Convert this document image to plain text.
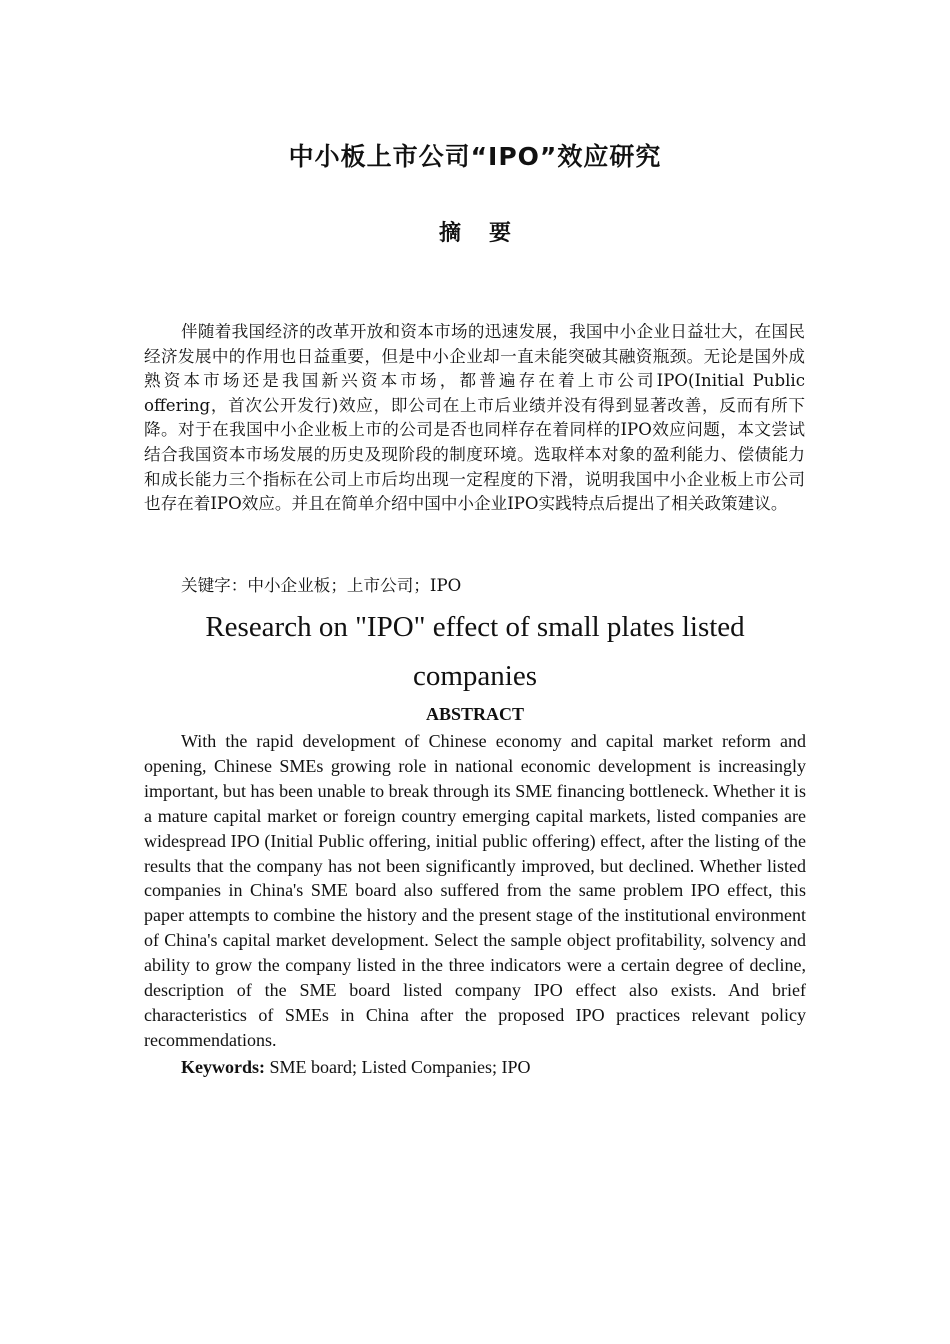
中小板上市公司“IPO”效应研究
摘 要

伴随着我国经济的改革开放和资本市场的迅速发展，我国中小企业日益壮大，在国民经济发展中的作用也日益重要，但是中小企业却一直未能突破其融资瓶颈。无论是国外成熟资本市场还是我国新兴资本市场，都普遍存在着上市公司IPO(Initial Public offering，首次公开发行)效应，即公司在上市后业绩并没有得到显著改善，反而有所下降。对于在我国中小企业板上市的公司是否也同样存在着同样的IPO效应问题，本文尝试结合我国资本市场发展的历史及现阶段的制度环境。选取样本对象的盈利能力、偿债能力和成长能力三个指标在公司上市后均出现一定程度的下滑，说明我国中小企业板上市公司也存在着IPO效应。并且在简单介绍中国中小企业IPO实践特点后提出了相关政策建议。

关键字：中小企业板；上市公司；IPO

Research on "IPO" effect of small plates listed companies
ABSTRACT

With the rapid development of Chinese economy and capital market reform and opening, Chinese SMEs growing role in national economic development is increasingly important, but has been unable to break through its SME financing bottleneck. Whether it is a mature capital market or foreign country emerging capital markets, listed companies are widespread IPO (Initial Public offering, initial public offering) effect, after the listing of the results that the company has not been significantly improved, but declined. Whether listed companies in China's SME board also suffered from the same problem IPO effect, this paper attempts to combine the history and the present stage of the institutional environment of China's capital market development. Select the sample object profitability, solvency and ability to grow the company listed in the three indicators were a certain degree of decline, description of the SME board listed company IPO effect also exists. And brief characteristics of SMEs in China after the proposed IPO practices relevant policy recommendations.

Keywords: SME board; Listed Companies; IPO
